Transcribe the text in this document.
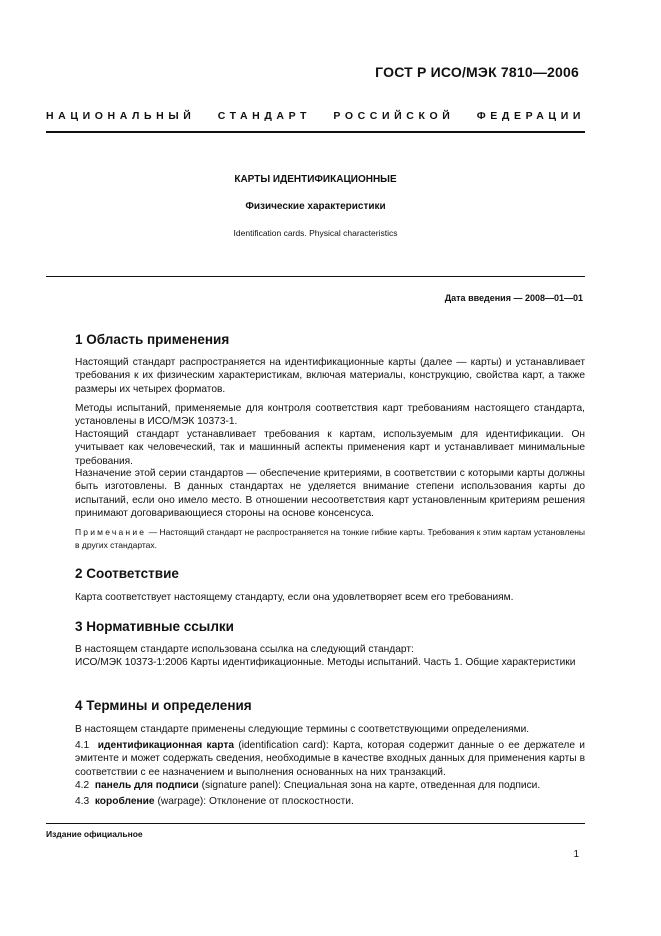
ГОСТ Р ИСО/МЭК 7810—2006
НАЦИОНАЛЬНЫЙ СТАНДАРТ РОССИЙСКОЙ ФЕДЕРАЦИИ
КАРТЫ ИДЕНТИФИКАЦИОННЫЕ
Физические характеристики
Identification cards. Physical characteristics
Дата введения — 2008—01—01
1 Область применения
Настоящий стандарт распространяется на идентификационные карты (далее — карты) и устанавливает требования к их физическим характеристикам, включая материалы, конструкцию, свойства карт, а также размеры их четырех форматов.
Методы испытаний, применяемые для контроля соответствия карт требованиям настоящего стандарта, установлены в ИСО/МЭК 10373-1.
Настоящий стандарт устанавливает требования к картам, используемым для идентификации. Он учитывает как человеческий, так и машинный аспекты применения карт и устанавливает минимальные требования.
Назначение этой серии стандартов — обеспечение критериями, в соответствии с которыми карты должны быть изготовлены. В данных стандартах не уделяется внимание степени использования карты до испытаний, если оно имело место. В отношении несоответствия карт установленным критериям решения принимают договаривающиеся стороны на основе консенсуса.
Примечание — Настоящий стандарт не распространяется на тонкие гибкие карты. Требования к этим картам установлены в других стандартах.
2 Соответствие
Карта соответствует настоящему стандарту, если она удовлетворяет всем его требованиям.
3 Нормативные ссылки
В настоящем стандарте использована ссылка на следующий стандарт:
ИСО/МЭК 10373-1:2006 Карты идентификационные. Методы испытаний. Часть 1. Общие характеристики
4 Термины и определения
В настоящем стандарте применены следующие термины с соответствующими определениями.
4.1 идентификационная карта (identification card): Карта, которая содержит данные о ее держателе и эмитенте и может содержать сведения, необходимые в качестве входных данных для применения карты в соответствии с ее назначением и выполнения основанных на них транзакций.
4.2 панель для подписи (signature panel): Специальная зона на карте, отведенная для подписи.
4.3 коробление (warpage): Отклонение от плоскостности.
Издание официальное
1
